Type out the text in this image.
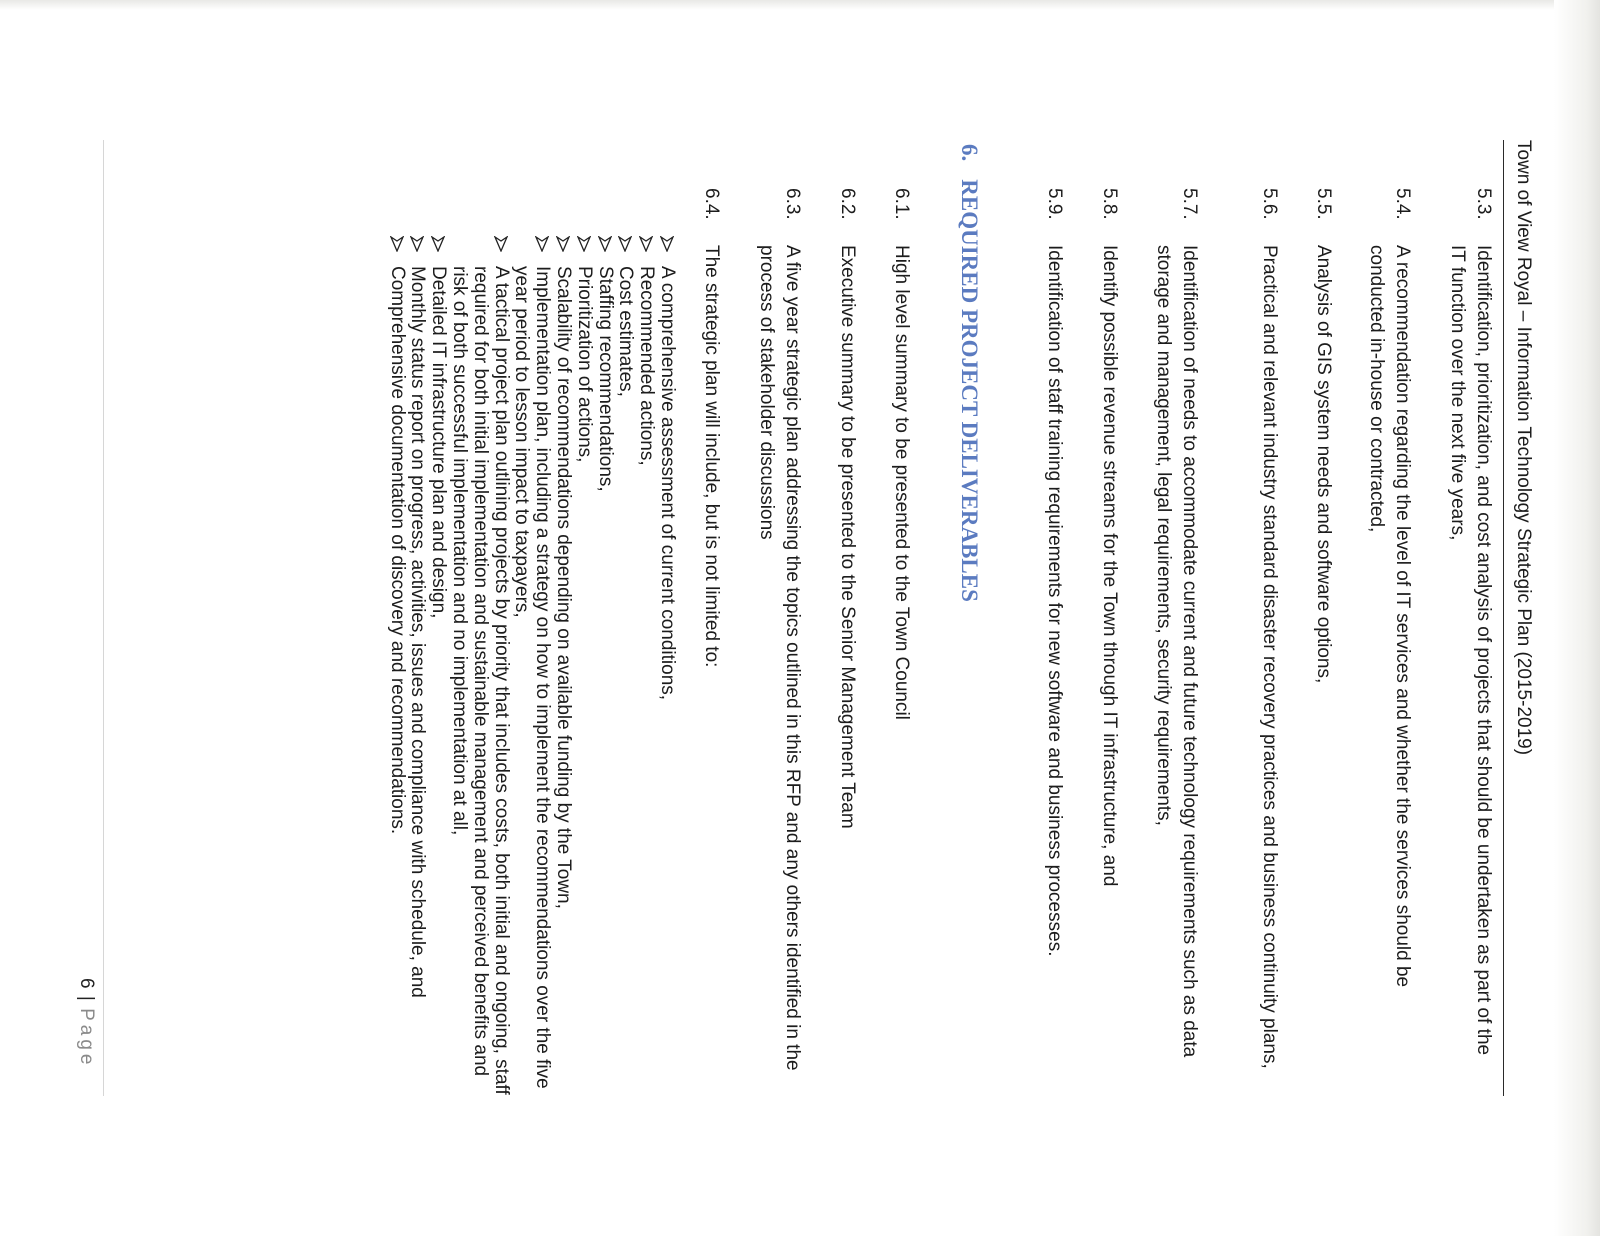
Town of View Royal – Information Technology Strategic Plan (2015-2019)
5.3.
Identification, prioritization, and cost analysis of projects that should be undertaken as part of the IT function over the next five years,
5.4.
A recommendation regarding the level of IT services and whether the services should be conducted in-house or contracted,
5.5.
Analysis of GIS system needs and software options,
5.6.
Practical and relevant industry standard disaster recovery practices and business continuity plans,
5.7.
Identification of needs to accommodate current and future technology requirements such as data storage and management, legal requirements, security requirements,
5.8.
Identify possible revenue streams for the Town through IT infrastructure, and
5.9.
Identification of staff training requirements for new software and business processes.
6.REQUIRED PROJECT DELIVERABLES
6.1.
High level summary to be presented to the Town Council
6.2.
Executive summary to be presented to the Senior Management Team
6.3.
A five year strategic plan addressing the topics outlined in this RFP and any others identified in the process of stakeholder discussions
6.4.
The strategic plan will include, but is not limited to:
A comprehensive assessment of current conditions,
Recommended actions,
Cost estimates,
Staffing recommendations,
Prioritization of actions,
Scalability of recommendations depending on available funding by the Town,
Implementation plan, including a strategy on how to implement the recommendations over the five year period to lesson impact to taxpayers,
A tactical project plan outlining projects by priority that includes costs, both initial and ongoing, staff required for both initial implementation and sustainable management and perceived benefits and risk of both successful implementation and no implementation at all,
Detailed IT infrastructure plan and design,
Monthly status report on progress, activities, issues and compliance with schedule, and
Comprehensive documentation of discovery and recommendations.
6 | Page
